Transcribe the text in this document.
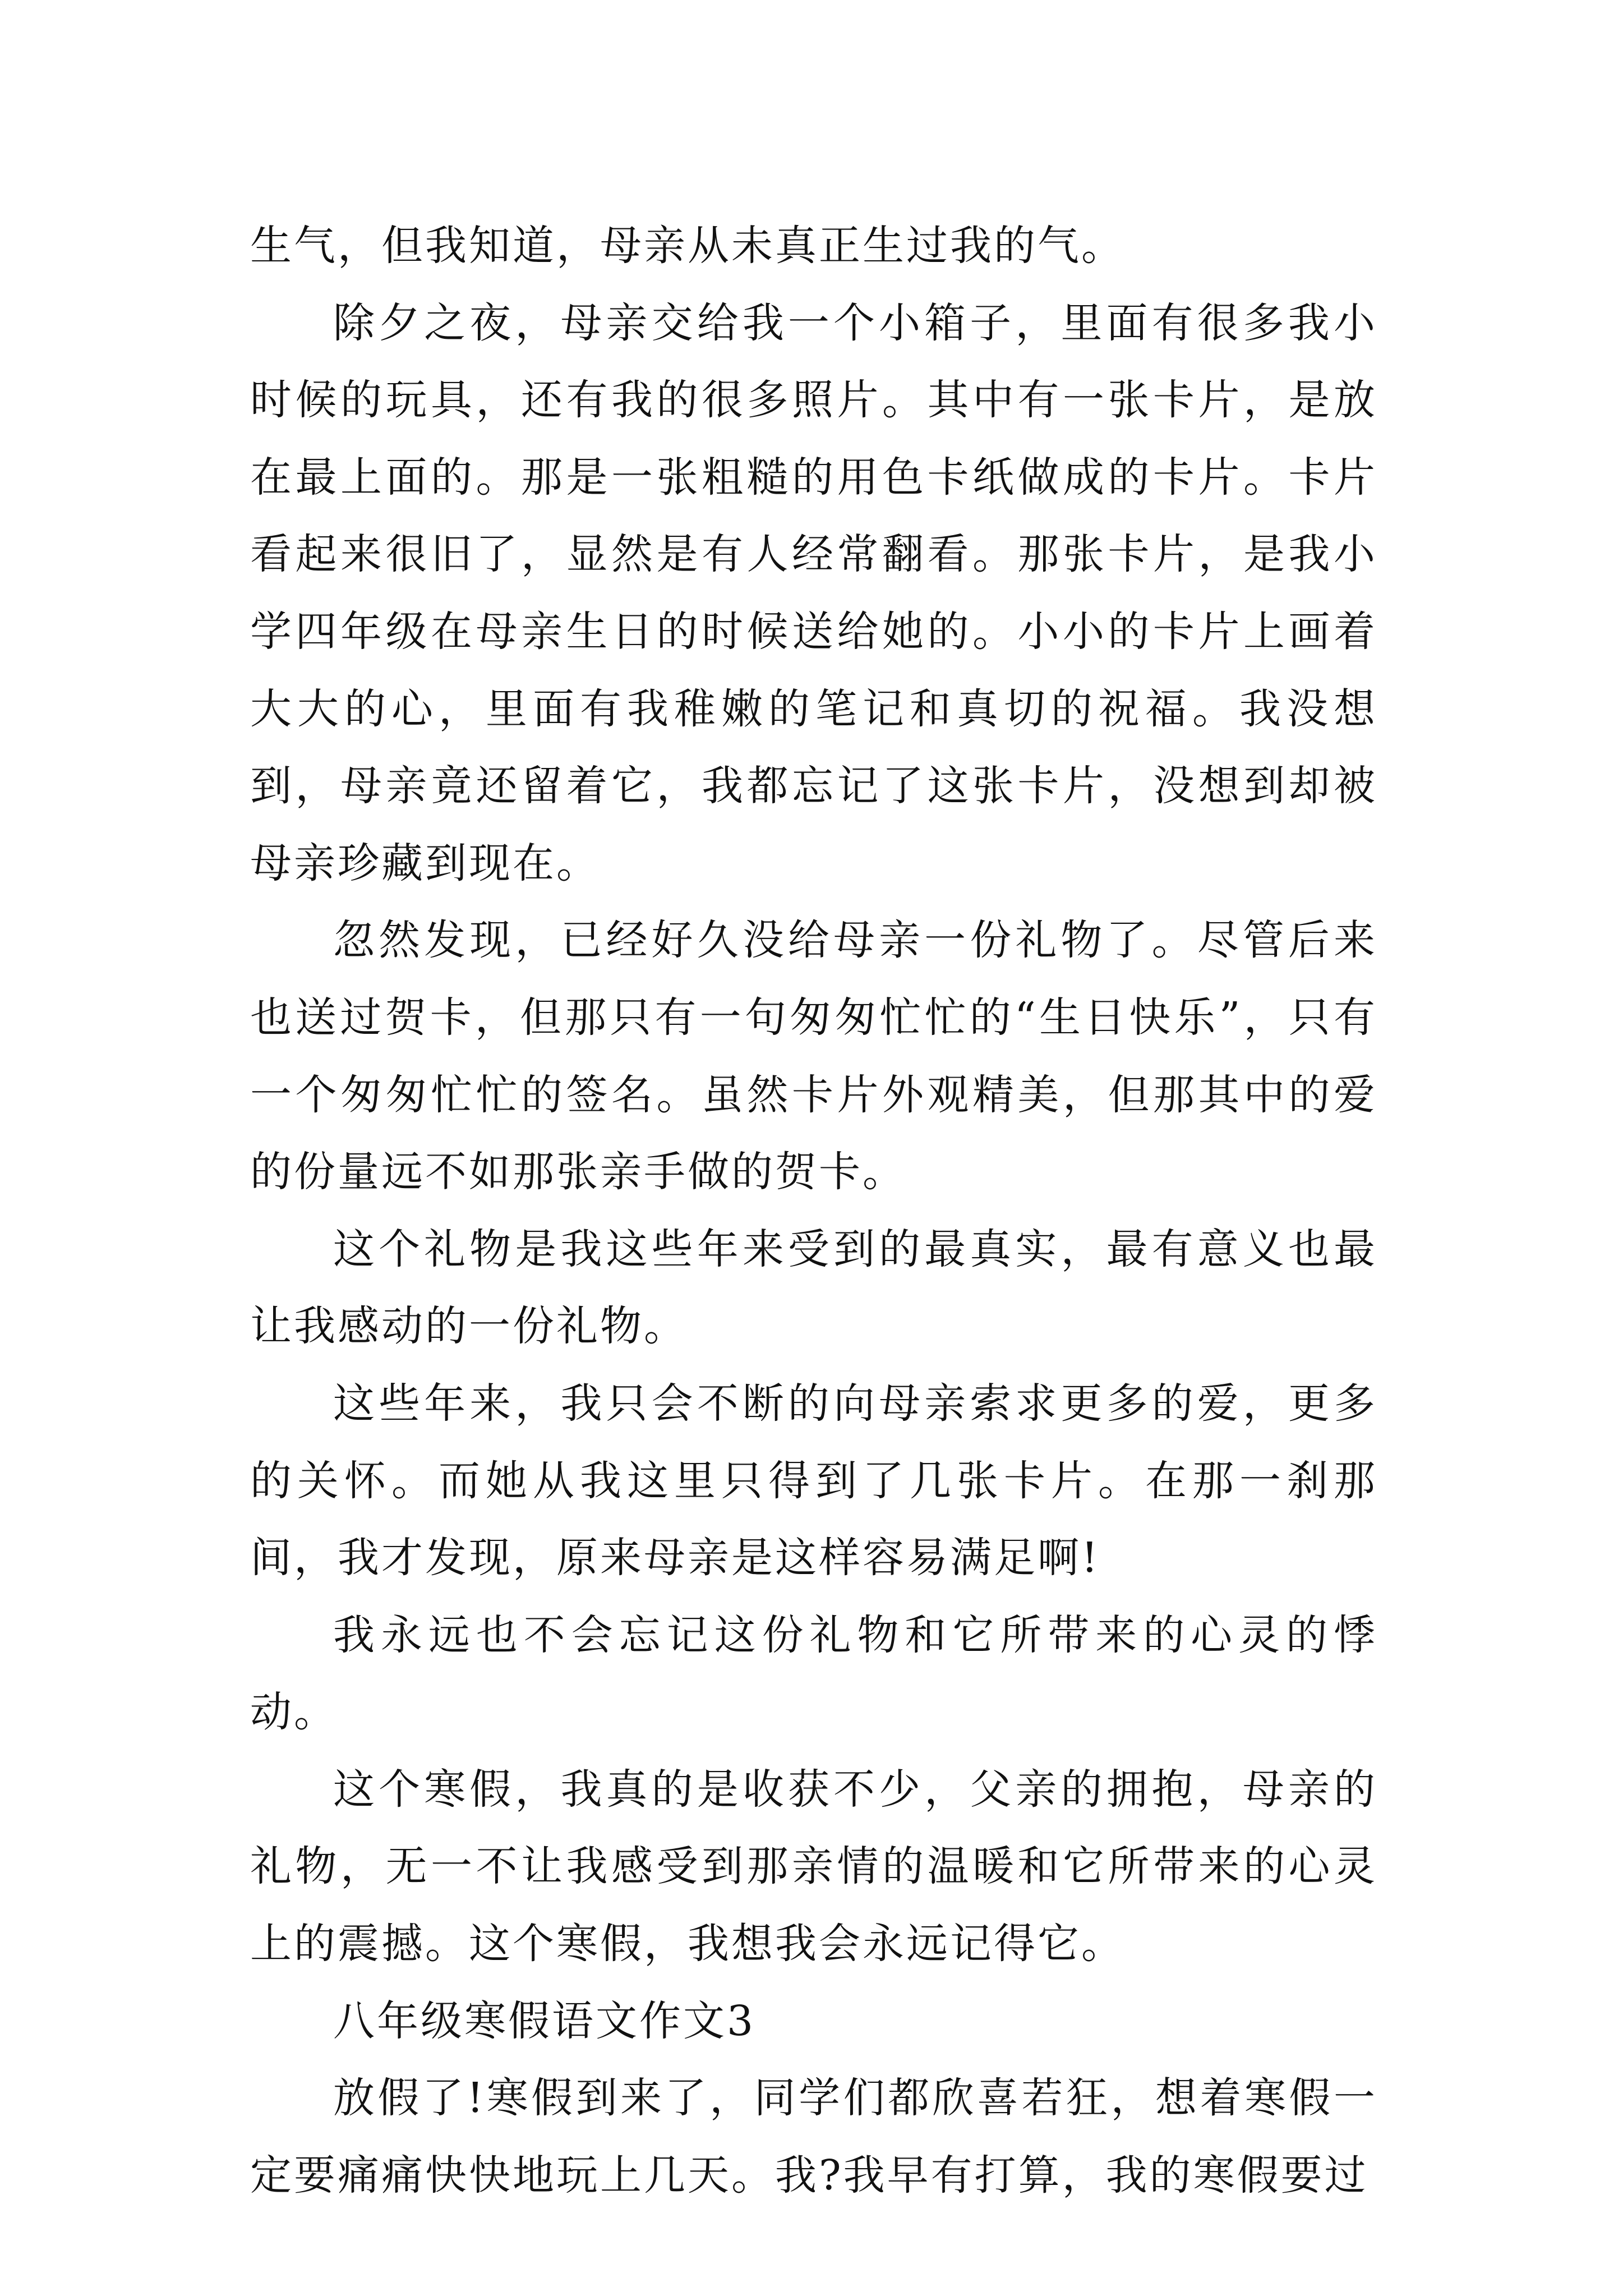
生气，但我知道，母亲从未真正生过我的气。

除夕之夜，母亲交给我一个小箱子，里面有很多我小时候的玩具，还有我的很多照片。其中有一张卡片，是放在最上面的。那是一张粗糙的用色卡纸做成的卡片。卡片看起来很旧了，显然是有人经常翻看。那张卡片，是我小学四年级在母亲生日的时候送给她的。小小的卡片上画着大大的心，里面有我稚嫩的笔记和真切的祝福。我没想到，母亲竟还留着它，我都忘记了这张卡片，没想到却被母亲珍藏到现在。

忽然发现，已经好久没给母亲一份礼物了。尽管后来也送过贺卡，但那只有一句匆匆忙忙的“生日快乐”，只有一个匆匆忙忙的签名。虽然卡片外观精美，但那其中的爱的份量远不如那张亲手做的贺卡。

这个礼物是我这些年来受到的最真实，最有意义也最让我感动的一份礼物。

这些年来，我只会不断的向母亲索求更多的爱，更多的关怀。而她从我这里只得到了几张卡片。在那一刹那间，我才发现，原来母亲是这样容易满足啊!

我永远也不会忘记这份礼物和它所带来的心灵的悸动。

这个寒假，我真的是收获不少，父亲的拥抱，母亲的礼物，无一不让我感受到那亲情的温暖和它所带来的心灵上的震撼。这个寒假，我想我会永远记得它。

八年级寒假语文作文3

放假了!寒假到来了，同学们都欣喜若狂，想着寒假一定要痛痛快快地玩上几天。我?我早有打算，我的寒假要过
